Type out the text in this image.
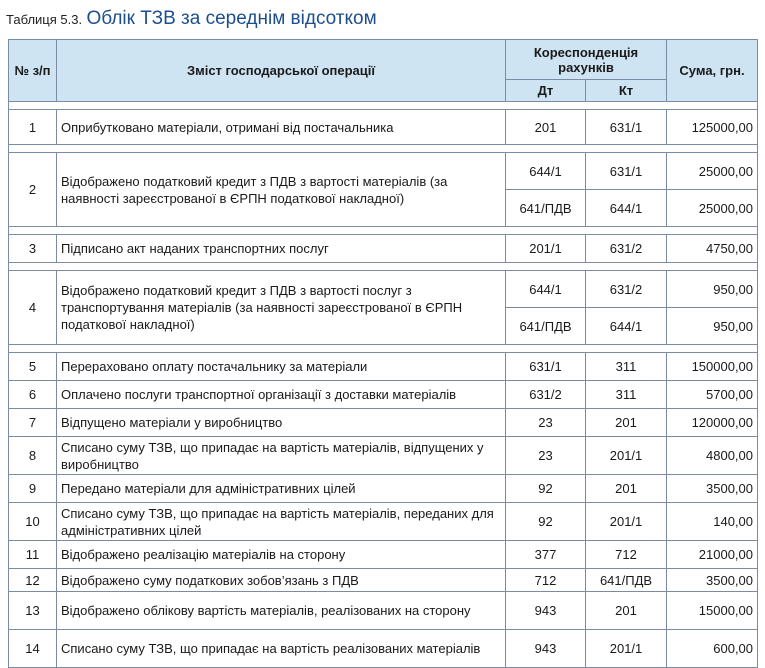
Таблиця 5.3. Облік ТЗВ за середнім відсотком
№ з/п	Зміст господарської операції	Кореспонденція рахунків		Сума, грн.
		Дт	Кт	

1	Оприбутковано матеріали, отримані від постачальника	201	631/1	125000,00

2	Відображено податковий кредит з ПДВ з вартості матеріалів (за наявності зареєстрованої в ЄРПН податкової накладної)	644/1	631/1	25000,00
		641/ПДВ	644/1	25000,00

3	Підписано акт наданих транспортних послуг	201/1	631/2	4750,00

4	Відображено податковий кредит з ПДВ з вартості послуг з транспортування матеріалів (за наявності зареєстрованої в ЄРПН податкової накладної)	644/1	631/2	950,00
		641/ПДВ	644/1	950,00

5	Перераховано оплату постачальнику за матеріали	631/1	311	150000,00
6	Оплачено послуги транспортної організації з доставки матеріалів	631/2	311	5700,00
7	Відпущено матеріали у виробництво	23	201	120000,00
8	Списано суму ТЗВ, що припадає на вартість матеріалів, відпущених у виробництво	23	201/1	4800,00
9	Передано матеріали для адміністративних цілей	92	201	3500,00
10	Списано суму ТЗВ, що припадає на вартість матеріалів, переданих для адміністративних цілей	92	201/1	140,00
11	Відображено реалізацію матеріалів на сторону	377	712	21000,00
12	Відображено суму податкових зобов’язань з ПДВ	712	641/ПДВ	3500,00
13	Відображено облікову вартість матеріалів, реалізованих на сторону	943	201	15000,00
14	Списано суму ТЗВ, що припадає на вартість реалізованих матеріалів	943	201/1	600,00
